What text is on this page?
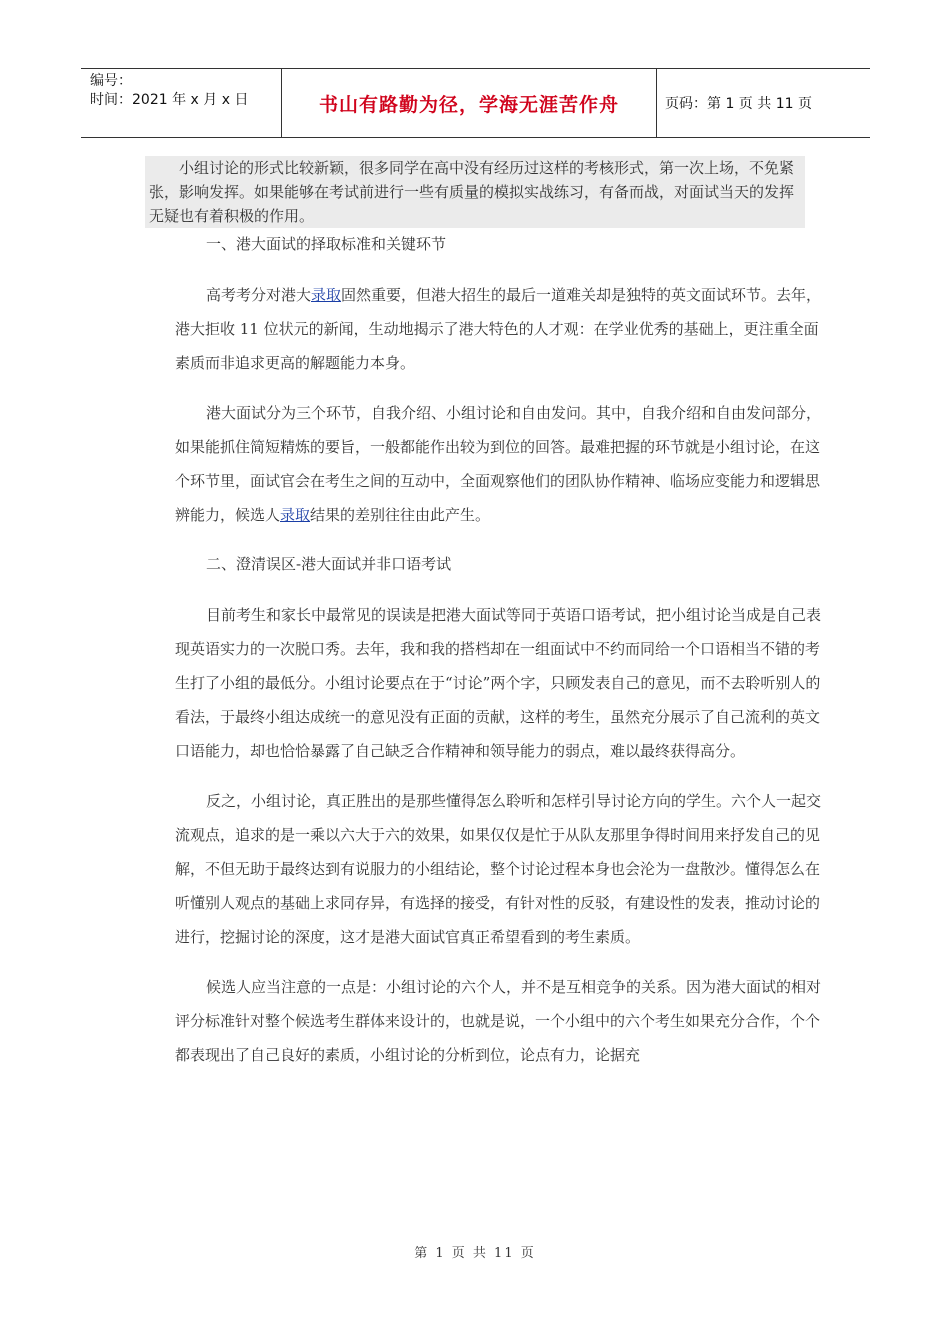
编号：
时间：2021 年 x 月 x 日	书山有路勤为径，学海无涯苦作舟	页码：第 1 页 共 11 页
小组讨论的形式比较新颖，很多同学在高中没有经历过这样的考核形式，第一次上场，不免紧张，影响发挥。如果能够在考试前进行一些有质量的模拟实战练习，有备而战，对面试当天的发挥无疑也有着积极的作用。

一、港大面试的择取标准和关键环节

高考考分对港大录取固然重要，但港大招生的最后一道难关却是独特的英文面试环节。去年，港大拒收 11 位状元的新闻，生动地揭示了港大特色的人才观：在学业优秀的基础上，更注重全面素质而非追求更高的解题能力本身。

港大面试分为三个环节，自我介绍、小组讨论和自由发问。其中，自我介绍和自由发问部分，如果能抓住简短精炼的要旨，一般都能作出较为到位的回答。最难把握的环节就是小组讨论，在这个环节里，面试官会在考生之间的互动中，全面观察他们的团队协作精神、临场应变能力和逻辑思辨能力，候选人录取结果的差别往往由此产生。

二、澄清误区-港大面试并非口语考试

目前考生和家长中最常见的误读是把港大面试等同于英语口语考试，把小组讨论当成是自己表现英语实力的一次脱口秀。去年，我和我的搭档却在一组面试中不约而同给一个口语相当不错的考生打了小组的最低分。小组讨论要点在于“讨论”两个字，只顾发表自己的意见，而不去聆听别人的看法，于最终小组达成统一的意见没有正面的贡献，这样的考生，虽然充分展示了自己流利的英文口语能力，却也恰恰暴露了自己缺乏合作精神和领导能力的弱点，难以最终获得高分。

反之，小组讨论，真正胜出的是那些懂得怎么聆听和怎样引导讨论方向的学生。六个人一起交流观点，追求的是一乘以六大于六的效果，如果仅仅是忙于从队友那里争得时间用来抒发自己的见解，不但无助于最终达到有说服力的小组结论，整个讨论过程本身也会沦为一盘散沙。懂得怎么在听懂别人观点的基础上求同存异，有选择的接受，有针对性的反驳，有建设性的发表，推动讨论的进行，挖掘讨论的深度，这才是港大面试官真正希望看到的考生素质。

候选人应当注意的一点是：小组讨论的六个人，并不是互相竞争的关系。因为港大面试的相对评分标准针对整个候选考生群体来设计的，也就是说，一个小组中的六个考生如果充分合作，个个都表现出了自己良好的素质，小组讨论的分析到位，论点有力，论据充

第 1 页 共 11 页
